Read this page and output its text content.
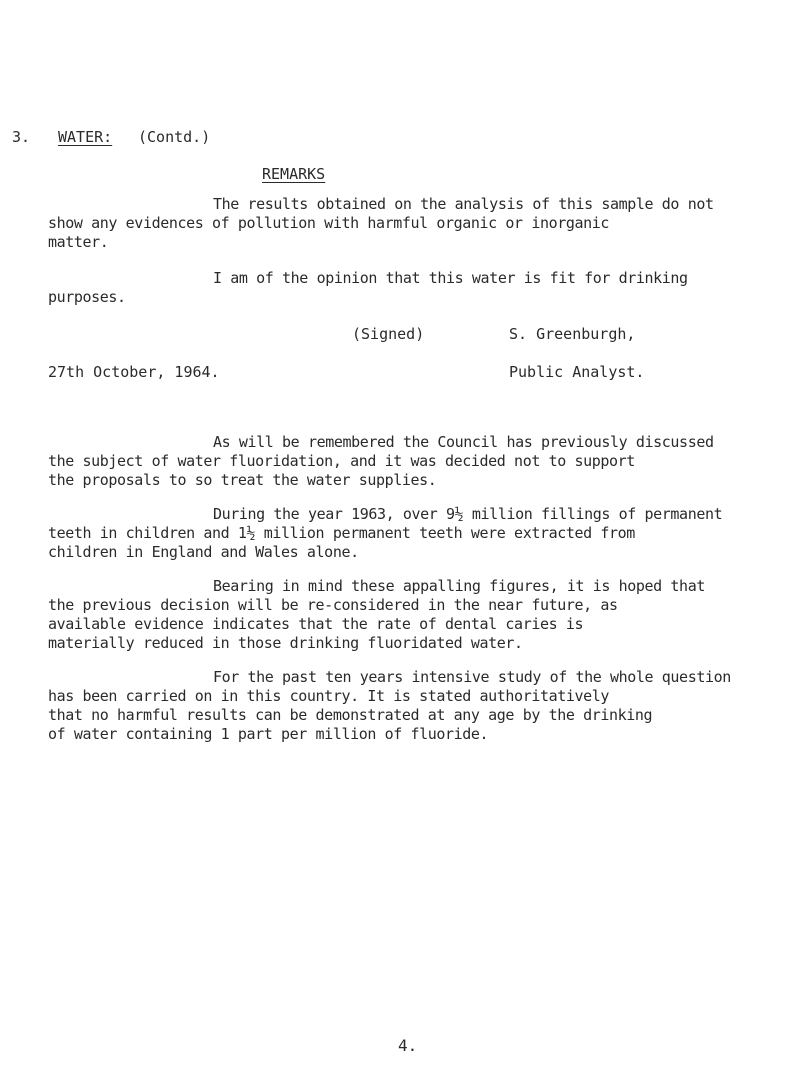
3. WATER: (Contd.)
REMARKS
The results obtained on the analysis of this sample do not
show any evidences of pollution with harmful organic or inorganic
matter.
I am of the opinion that this water is fit for drinking
purposes.
(Signed)	S. Greenburgh,
27th October, 1964.	Public Analyst.
As will be remembered the Council has previously discussed
the subject of water fluoridation, and it was decided not to support
the proposals to so treat the water supplies.
During the year 1963, over 9½ million fillings of permanent
teeth in children and 1½ million permanent teeth were extracted from
children in England and Wales alone.
Bearing in mind these appalling figures, it is hoped that
the previous decision will be re-considered in the near future, as
available evidence indicates that the rate of dental caries is
materially reduced in those drinking fluoridated water.
For the past ten years intensive study of the whole question
has been carried on in this country. It is stated authoritatively
that no harmful results can be demonstrated at any age by the drinking
of water containing 1 part per million of fluoride.
4.
